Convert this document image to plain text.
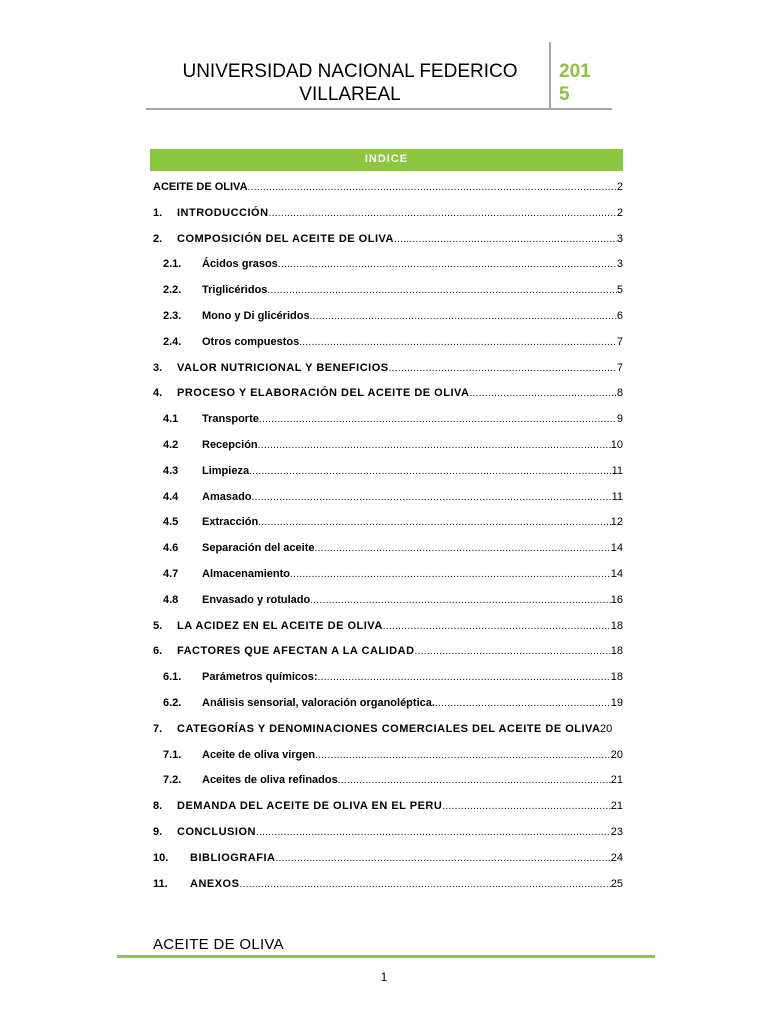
UNIVERSIDAD NACIONAL FEDERICO VILLAREAL
2015
INDICE
ACEITE DE OLIVA .....	2
1.	INTRODUCCIÓN .....	2
2.	COMPOSICIÓN DEL ACEITE DE OLIVA .....	3
2.1.	Ácidos grasos .....	3
2.2.	Triglicéridos .....	5
2.3.	Mono y Di glicéridos .....	6
2.4.	Otros compuestos .....	7
3.	VALOR NUTRICIONAL Y BENEFICIOS .....	7
4.	PROCESO Y ELABORACIÓN DEL ACEITE DE OLIVA .....	8
4.1	Transporte .....	9
4.2	Recepción .....	10
4.3	Limpieza .....	11
4.4	Amasado .....	11
4.5	Extracción .....	12
4.6	Separación del aceite .....	14
4.7	Almacenamiento .....	14
4.8	Envasado y rotulado .....	16
5.	LA ACIDEZ EN EL ACEITE DE OLIVA .....	18
6.	FACTORES QUE AFECTAN A LA CALIDAD .....	18
6.1.	Parámetros químicos: .....	18
6.2.	Análisis sensorial, valoración organoléptica. .....	19
7.	CATEGORÍAS Y DENOMINACIONES COMERCIALES DEL ACEITE DE OLIVA 20
7.1.	Aceite de oliva virgen .....	20
7.2.	Aceites de oliva refinados .....	21
8.	DEMANDA DEL ACEITE DE OLIVA EN EL PERU .....	21
9.	CONCLUSION .....	23
10.	BIBLIOGRAFIA .....	24
11.	ANEXOS .....	25
ACEITE DE OLIVA
1
